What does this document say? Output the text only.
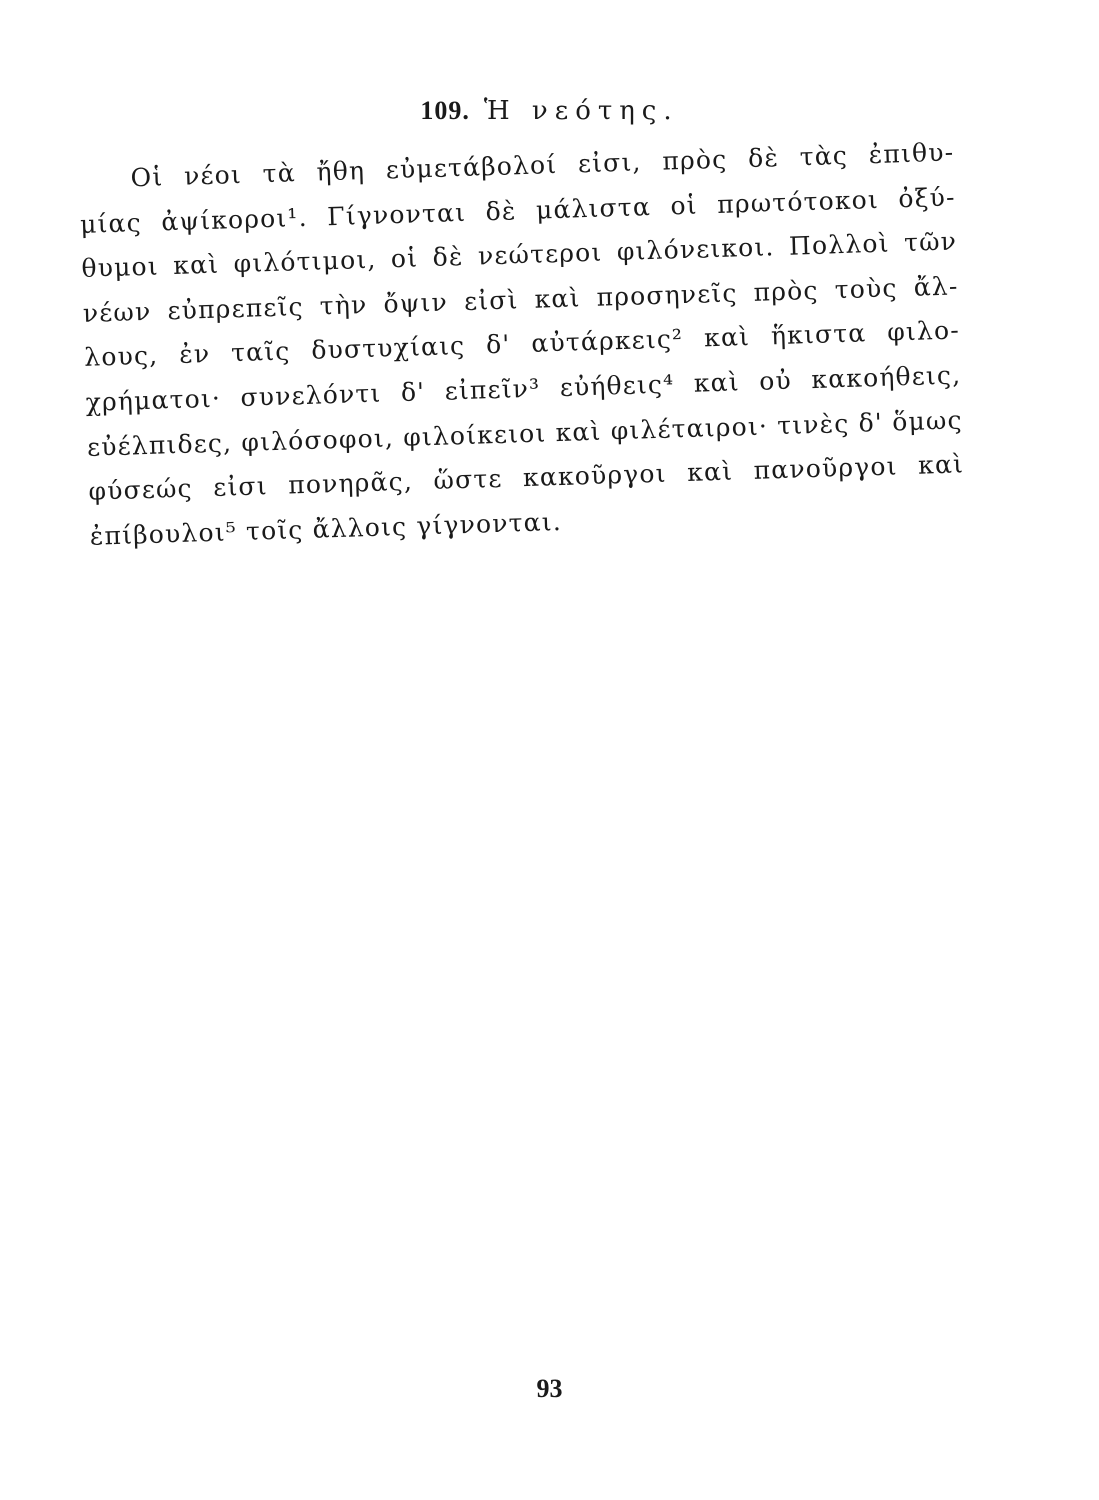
109. Ἡ νεότης.
Οἱ νέοι τὰ ἤθη εὐμετάβολοί εἰσι, πρὸς δὲ τὰς ἐπιθυ-
μίας ἀψίκοροι¹. Γίγνονται δὲ μάλιστα οἱ πρωτότοκοι ὀξύ-
θυμοι καὶ φιλότιμοι, οἱ δὲ νεώτεροι φιλόνεικοι. Πολλοὶ τῶν
νέων εὐπρεπεῖς τὴν ὄψιν εἰσὶ καὶ προσηνεῖς πρὸς τοὺς ἄλ-
λους, ἐν ταῖς δυστυχίαις δ' αὐτάρκεις² καὶ ἥκιστα φιλο-
χρήματοι· συνελόντι δ' εἰπεῖν³ εὐήθεις⁴ καὶ οὐ κακοήθεις,
εὐέλπιδες, φιλόσοφοι, φιλοίκειοι καὶ φιλέταιροι· τινὲς δ' ὅμως
φύσεώς εἰσι πονηρᾶς, ὥστε κακοῦργοι καὶ πανοῦργοι καὶ
ἐπίβουλοι⁵ τοῖς ἄλλοις γίγνονται.
93
